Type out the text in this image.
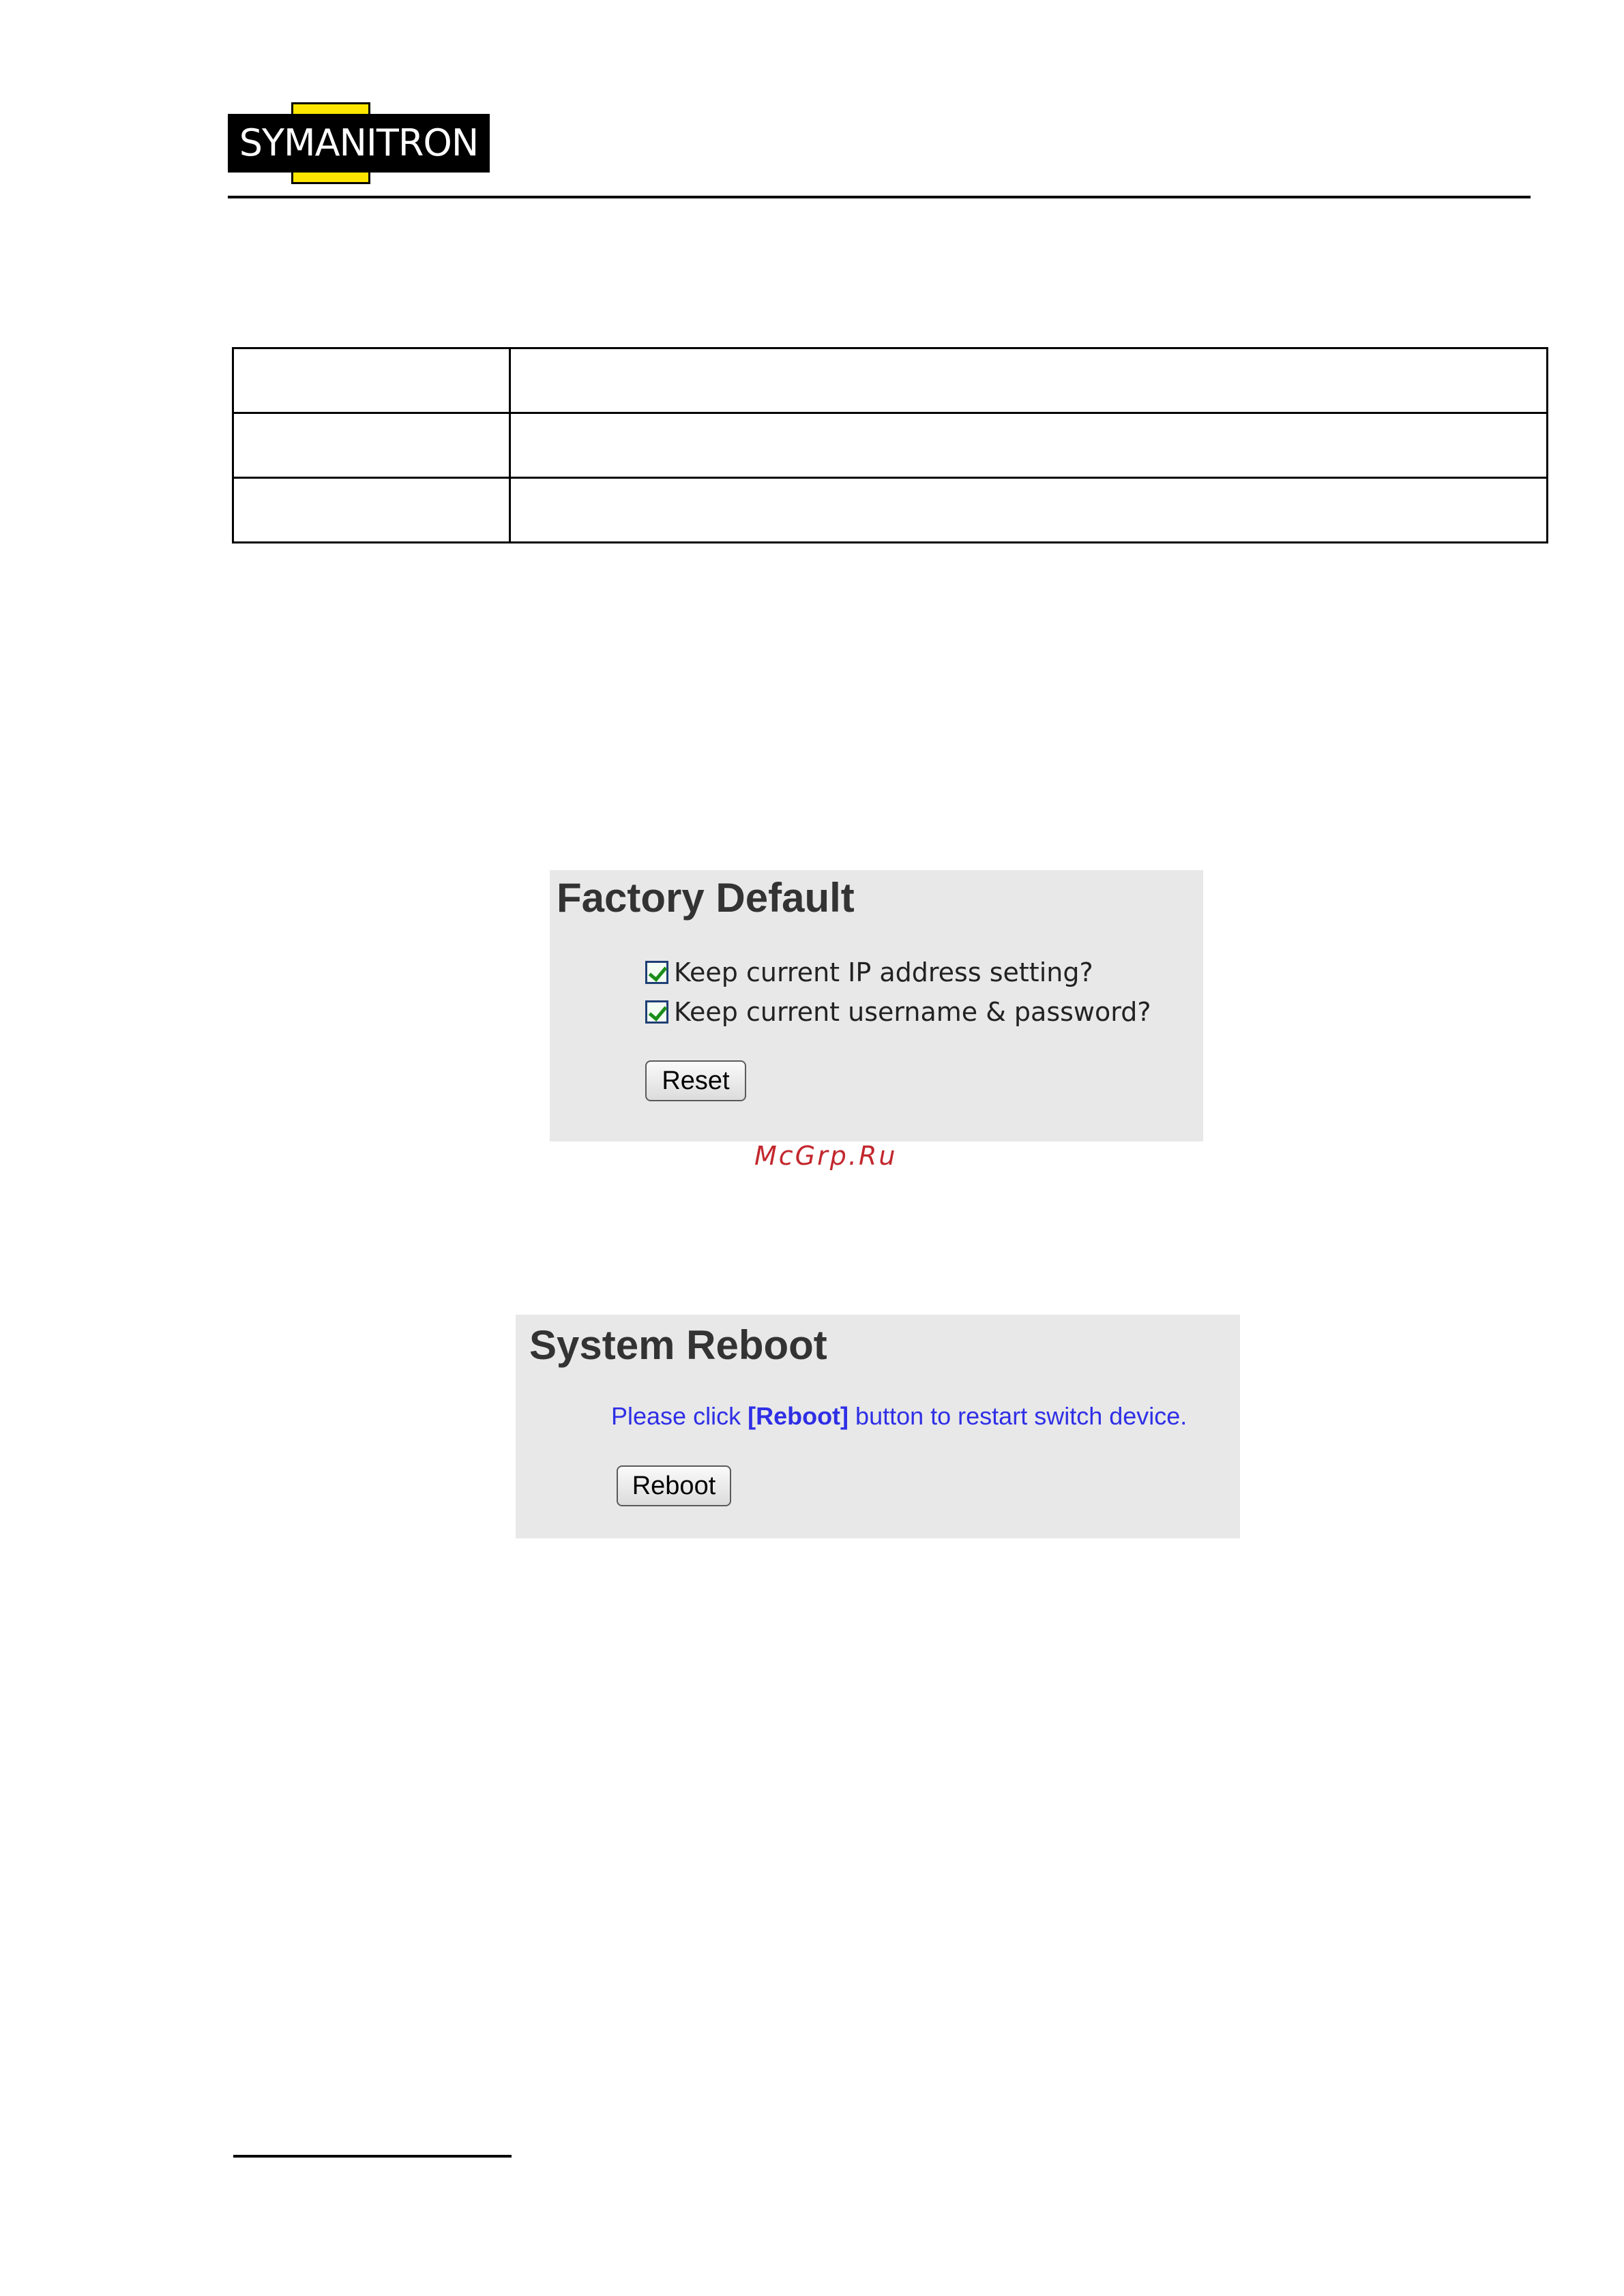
SYMANITRON

Factory Default
Keep current IP address setting?
Keep current username & password?
Reset
McGrp.Ru
System Reboot
Please click [Reboot] button to restart switch device.
Reboot
